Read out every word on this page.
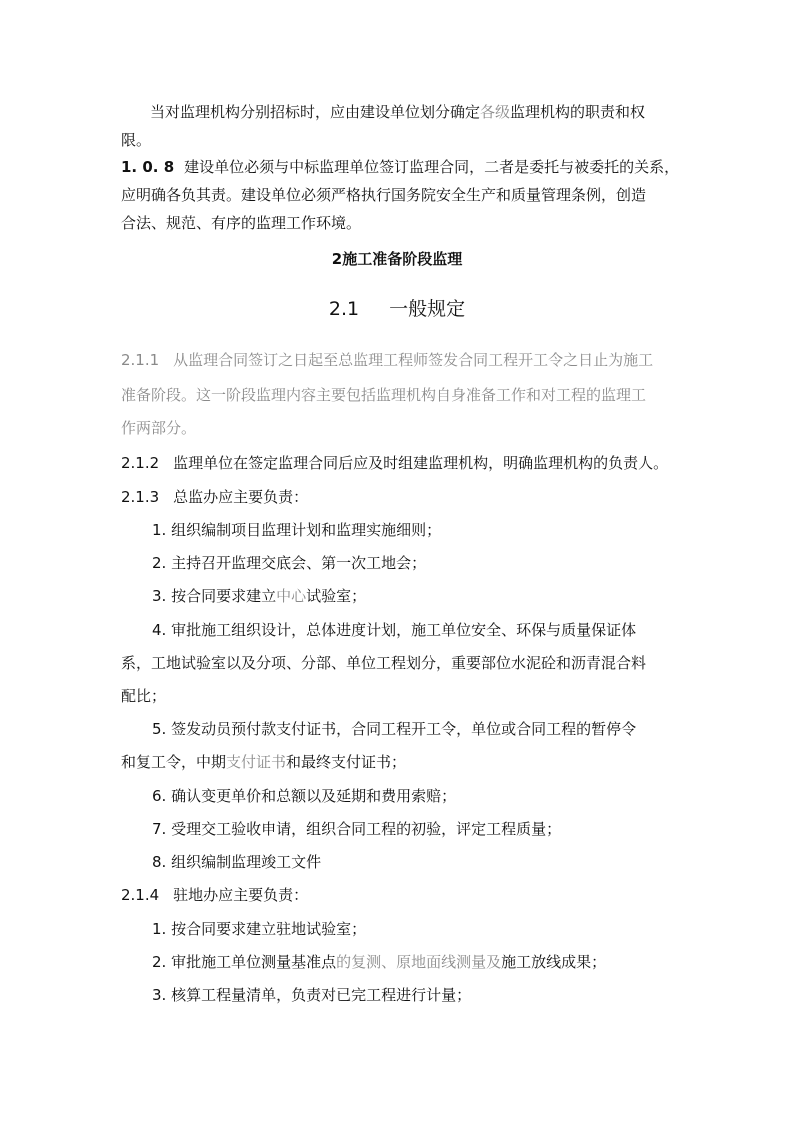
当对监理机构分别招标时，应由建设单位划分确定各级监理机构的职责和权
限。
1. 0. 8 建设单位必须与中标监理单位签订监理合同，二者是委托与被委托的关系，
应明确各负其责。建设单位必须严格执行国务院安全生产和质量管理条例，创造
合法、规范、有序的监理工作环境。
2施工准备阶段监理
2.1 一般规定
2.1.1 从监理合同签订之日起至总监理工程师签发合同工程开工令之日止为施工
准备阶段。这一阶段监理内容主要包括监理机构自身准备工作和对工程的监理工
作两部分。
2.1.2 监理单位在签定监理合同后应及时组建监理机构，明确监理机构的负责人。
2.1.3 总监办应主要负责：
1. 组织编制项目监理计划和监理实施细则；
2. 主持召开监理交底会、第一次工地会；
3. 按合同要求建立中心试验室；
4. 审批施工组织设计，总体进度计划，施工单位安全、环保与质量保证体
系，工地试验室以及分项、分部、单位工程划分，重要部位水泥砼和沥青混合料
配比；
5. 签发动员预付款支付证书，合同工程开工令，单位或合同工程的暂停令
和复工令，中期支付证书和最终支付证书；
6. 确认变更单价和总额以及延期和费用索赔；
7. 受理交工验收申请，组织合同工程的初验，评定工程质量；
8. 组织编制监理竣工文件
2.1.4 驻地办应主要负责：
1. 按合同要求建立驻地试验室；
2. 审批施工单位测量基准点的复测、原地面线测量及施工放线成果；
3. 核算工程量清单，负责对已完工程进行计量；
